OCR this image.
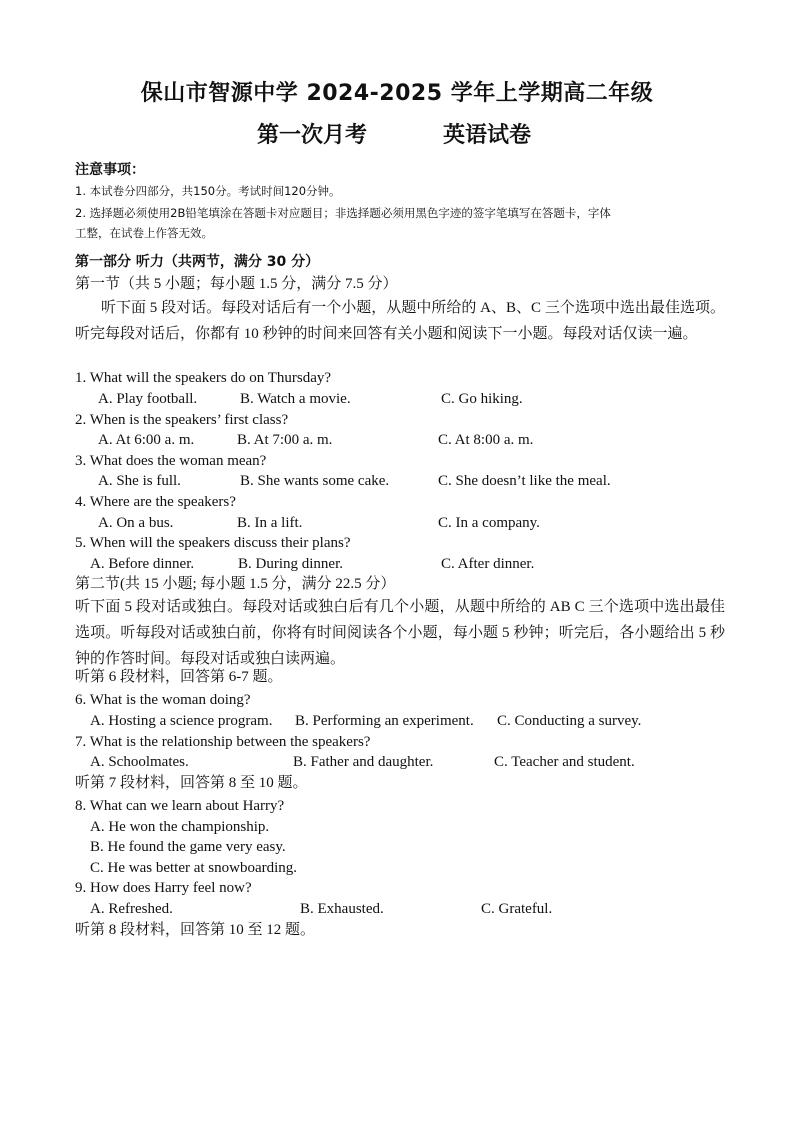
保山市智源中学 2024-2025 学年上学期高二年级
第一次月考	英语试卷
注意事项：
1. 本试卷分四部分，共150分。考试时间120分钟。
2. 选择题必须使用2B铅笔填涂在答题卡对应题目；非选择题必须用黑色字迹的签字笔填写在答题卡，字体
工整，在试卷上作答无效。
第一部分 听力（共两节，满分 30 分）
第一节（共 5 小题；每小题 1.5 分，满分 7.5 分）
听下面 5 段对话。每段对话后有一个小题，从题中所给的 A、B、C 三个选项中选出最佳选项。听完每段对话后，你都有 10 秒钟的时间来回答有关小题和阅读下一小题。每段对话仅读一遍。
1. What will the speakers do on Thursday?
A. Play football.	B. Watch a movie.	C. Go hiking.
2. When is the speakers’ first class?
A. At 6:00 a. m.	B. At 7:00 a. m.	C. At 8:00 a. m.
3. What does the woman mean?
A. She is full.	B. She wants some cake.	C. She doesn’t like the meal.
4. Where are the speakers?
A. On a bus.	B. In a lift.	C. In a company.
5. When will the speakers discuss their plans?
A. Before dinner.	B. During dinner.	C. After dinner.
第二节(共 15 小题; 每小题 1.5 分，满分 22.5 分）
听下面 5 段对话或独白。每段对话或独白后有几个小题，从题中所给的 AB C 三个选项中选出最佳选项。听每段对话或独白前，你将有时间阅读各个小题，每小题 5 秒钟；听完后，各小题给出 5 秒钟的作答时间。每段对话或独白读两遍。
听第 6 段材料，回答第 6-7 题。
6. What is the woman doing?
A. Hosting a science program. B. Performing an experiment. C. Conducting a survey.
7. What is the relationship between the speakers?
A. Schoolmates.	B. Father and daughter.	C. Teacher and student.
听第 7 段材料，回答第 8 至 10 题。
8. What can we learn about Harry?
A. He won the championship.
B. He found the game very easy.
C. He was better at snowboarding.
9. How does Harry feel now?
A. Refreshed.	B. Exhausted.	C. Grateful.
听第 8 段材料，回答第 10 至 12 题。
